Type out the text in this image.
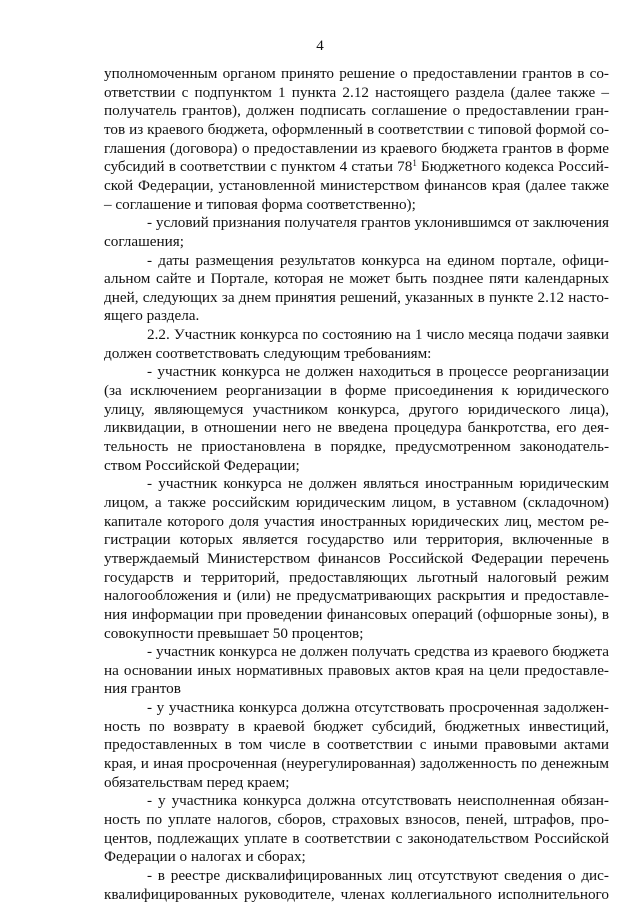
4
уполномоченным органом принято решение о предоставлении грантов в со-
ответствии с подпунктом 1 пункта 2.12 настоящего раздела (далее также –
получатель грантов), должен подписать соглашение о предоставлении гран-
тов из краевого бюджета, оформленный в соответствии с типовой формой со-
глашения (договора) о предоставлении из краевого бюджета грантов в форме
субсидий в соответствии с пунктом 4 статьи $78^1$ Бюджетного кодекса Россий-
ской Федерации, установленной министерством финансов края (далее также
– соглашение и типовая форма соответственно);
- условий признания получателя грантов уклонившимся от заключения
соглашения;
- даты размещения результатов конкурса на едином портале, офици-
альном сайте и Портале, которая не может быть позднее пяти календарных
дней, следующих за днем принятия решений, указанных в пункте 2.12 насто-
ящего раздела.
2.2. Участник конкурса по состоянию на 1 число месяца подачи заявки
должен соответствовать следующим требованиям:
- участник конкурса не должен находиться в процессе реорганизации
(за исключением реорганизации в форме присоединения к юридического
улицу, являющемуся участником конкурса, другого юридического лица),
ликвидации, в отношении него не введена процедура банкротства, его дея-
тельность не приостановлена в порядке, предусмотренном законодатель-
ством Российской Федерации;
- участник конкурса не должен являться иностранным юридическим
лицом, а также российским юридическим лицом, в уставном (складочном)
капитале которого доля участия иностранных юридических лиц, местом ре-
гистрации которых является государство или территория, включенные в
утверждаемый Министерством финансов Российской Федерации перечень
государств и территорий, предоставляющих льготный налоговый режим
налогообложения и (или) не предусматривающих раскрытия и предоставле-
ния информации при проведении финансовых операций (офшорные зоны), в
совокупности превышает 50 процентов;
- участник конкурса не должен получать средства из краевого бюджета
на основании иных нормативных правовых актов края на цели предоставле-
ния грантов
- у участника конкурса должна отсутствовать просроченная задолжен-
ность по возврату в краевой бюджет субсидий, бюджетных инвестиций,
предоставленных в том числе в соответствии с иными правовыми актами
края, и иная просроченная (неурегулированная) задолженность по денежным
обязательствам перед краем;
- у участника конкурса должна отсутствовать неисполненная обязан-
ность по уплате налогов, сборов, страховых взносов, пеней, штрафов, про-
центов, подлежащих уплате в соответствии с законодательством Российской
Федерации о налогах и сборах;
- в реестре дисквалифицированных лиц отсутствуют сведения о дис-
квалифицированных руководителе, членах коллегиального исполнительного
